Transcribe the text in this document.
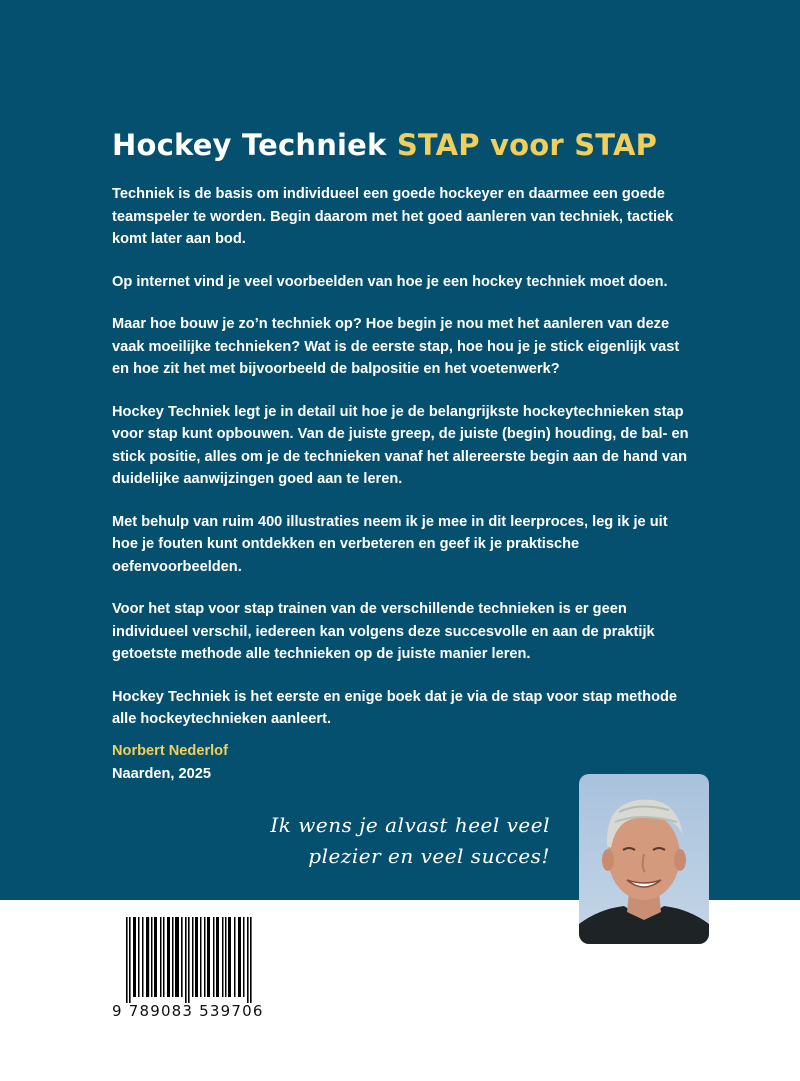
Hockey Techniek STAP voor STAP

Techniek is de basis om individueel een goede hockeyer en daarmee een goede teamspeler te worden. Begin daarom met het goed aanleren van techniek, tactiek komt later aan bod.

Op internet vind je veel voorbeelden van hoe je een hockey techniek moet doen.

Maar hoe bouw je zo’n techniek op? Hoe begin je nou met het aanleren van deze vaak moeilijke technieken? Wat is de eerste stap, hoe hou je je stick eigenlijk vast en hoe zit het met bijvoorbeeld de balpositie en het voetenwerk?

Hockey Techniek legt je in detail uit hoe je de belangrijkste hockeytechnieken stap voor stap kunt opbouwen. Van de juiste greep, de juiste (begin) houding, de bal- en stick positie, alles om je de technieken vanaf het allereerste begin aan de hand van duidelijke aanwijzingen goed aan te leren.

Met behulp van ruim 400 illustraties neem ik je mee in dit leerproces, leg ik je uit hoe je fouten kunt ontdekken en verbeteren en geef ik je praktische oefenvoorbeelden.

Voor het stap voor stap trainen van de verschillende technieken is er geen individueel verschil, iedereen kan volgens deze succesvolle en aan de praktijk getoetste methode alle technieken op de juiste manier leren.

Hockey Techniek is het eerste en enige boek dat je via de stap voor stap methode alle hockeytechnieken aanleert.

Norbert Nederlof
Naarden, 2025
Ik wens je alvast heel veel
plezier en veel succes!
9 789083 539706
